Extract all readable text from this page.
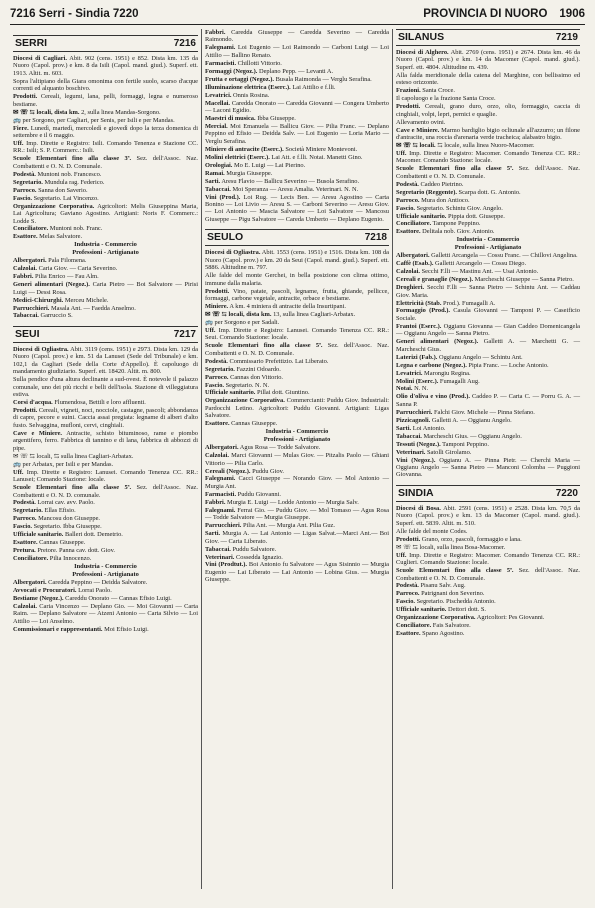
7216 Serri - Sindia 7220	PROVINCIA DI NUORO 1906
SERRI	7216

Diocesi di Cagliari. Abit. 902 (cens. 1951) e 852. Dista km. 135 da Nuoro (Capol. prov.) e km. 8 da Isili (Capol. mand. giud.). Superf. ett. 1913. Altit. m. 603.

Sopra l'altipiano della Giara omonima con fertile suolo, scarso d'acque correnti ed alquanto boschivo.

Prodotti. Cereali, legumi, lana, pelli, formaggi, legna e numeroso bestiame.

✉ ☏ ⇆ locali, dista km. 2, sulla linea Mandas-Sorgono.

🚌 per Sorgono, per Cagliari, per Senis, per Isili e per Mandas.

Fiere. Lunedì, martedì, mercoledì e giovedì dopo la terza domenica di settembre e il 6 maggio.

Uff. Imp. Dirette e Registro: Isili. Comando Tenenza e Stazione CC. RR.: Isili; S. P. Commerc.: Isili.

Scuole Elementari fino alla classe 3ª. Sez. dell'Assoc. Naz. Combattenti e O. N. D. Comunale.

Podestà. Muntoni nob. Francesco.

Segretario. Mundula rag. Federico.

Parroco. Sanna don Saverio.

Fascio. Segretario. Lai Vincenzo.

Organizzazione Corporativa. Agricoltori: Melis Giuseppina Maria, Lai Agricoltura; Gaviano Agostino. Artigiani: Noris F. Commerc.: Lodde S.

Conciliatore. Muntoni nob. Franc.

Esattore. Melas Salvatore.

Industria - Commercio

Professioni - Artigianato

Albergatori. Pala Filomena.

Calzolai. Caria Giov. — Caria Severino.

Fabbri. Pilia Enrico — Fau Alm.

Generi alimentari (Negoz.). Caria Pietro — Boi Salvatore — Pirisi Luigi — Dessi Rosa.

Medici-Chirurghi. Merceu Michele.

Parrucchieri. Masala Ant. — Faedda Anselmo.

Tabaccai. Garruccio S.

SEUI	7217

Diocesi di Ogliastra. Abit. 3119 (cens. 1951) e 2973. Dista km. 129 da Nuoro (Capol. prov.) e km. 51 da Lanusei (Sede del Tribunale) e km. 102,1 da Cagliari (Sede della Corte d'Appello). È capoluogo di mandamento giudiziario. Superf. ett. 18420. Altit. m. 800.

Sulla pendice d'una altura declinante a sud-ovest. È notevole il palazzo comunale, uno dei più ricchi e belli dell'isola. Stazione di villeggiatura estiva.

Corsi d'acqua. Flumendosa, Bettili e loro affluenti.

Prodotti. Cereali, vigneti, noci, nocciole, castagne, pascoli; abbondanza di capre, pecore e suini. Caccia assai pregiata: legname di alberi d'alto fusto. Selvaggina, mufloni, cervi, cinghiali.

Cave e Miniere. Antracite, schisto bituminoso, rame e piombo argentifero, ferro. Fabbrica di tannino e di lana, fabbrica di abbozzi di pipe.

✉ ☏ ⇆ locali, ⇆ sulla linea Cagliari-Arbatax.

🚌 per Arbatax, per Isili e per Mandas.

Uff. Imp. Dirette e Registro: Lanusei. Comando Tenenza CC. RR.: Lanusei; Comando Stazione: locale.

Scuole Elementari fino alla classe 5ª. Sez. dell'Assoc. Naz. Combattenti e O. N. D. comunale.

Podestà. Lorrai cav. avv. Paolo.

Segretario. Ellas Efisio.

Parroco. Mancosu don Giuseppe.

Fascio. Segretario. Ibba Giuseppe.

Ufficiale sanitario. Balleri dott. Demetrio.

Esattore. Cannas Giuseppe.

Pretura. Pretore. Panna cav. dott. Giov.

Conciliatore. Pilia Innocenzo.

Industria - Commercio

Professioni - Artigianato

Albergatori. Caredda Peppino — Deidda Salvatore.

Avvocati e Procuratori. Lorrai Paolo.

Bestiame (Negoz.). Careddu Onorato — Cannas Efisio Luigi.

Calzolai. Caria Vincenzo — Deplano Gio. — Moi Giovanni — Carta Raim. — Deplano Salvatore — Atzeni Antonio — Carta Silvio — Loi Attilio — Loi Anselmo.

Commissionari e rappresentanti. Moi Efisio Luigi.

Fabbri. Caredda Giuseppe — Caredda Severino — Caredda Raimondo.

Falegnami. Loi Eugenio — Loi Raimondo — Carboni Luigi — Loi Attilio — Ballino Renato.

Farmacisti. Chillotti Vittorio.

Formaggi (Negoz.). Deplano Pepp. — Levanti A.

Frutta e ortaggi (Negoz.). Busala Raimonda — Verglu Serafina.

Illuminazione elettrica (Eserc.). Lai Attilio e f.lli.

Levatrici. Onnis Rosina.

Macellai. Caredda Onorato — Caredda Giovanni — Congera Umberto — Laconi Egidio.

Maestri di musica. Ibba Giuseppe.

Mercial. Moi Emanuela — Ballicu Giov. — Pilia Franc. — Deplano Peppino ed Efisio — Deidda Salv. — Loi Eugenio — Loria Mario — Verglu Serafina.

Miniere di antracite (Eserc.). Società Miniere Montevoni.

Molini elettrici (Eserc.). Lai Att. e f.lli. Notai. Manetti Gino.

Orologiai. Mo E. Luigi — Lai Pierino.

Ramai. Murgia Giuseppe.

Sarti. Aresu Flavio — Ballicu Severino — Busola Serafino.

Tabaccai. Moi Speranza — Aresu Amalia. Veterinari. N. N.

Vini (Prod.). Loi Rug. — Lecis Ben. — Aresu Agostino — Carta Bonino — Loi Livio — Aresu S. — Carboni Severino — Aresu Giov. — Loi Antonio — Mascia Salvatore — Loi Salvatore — Mancosu Giuseppe — Pigu Salvatore — Careda Umberto — Deplano Eugenio.

SEULO	7218

Diocesi di Ogliastra. Abit. 1553 (cens. 1951) e 1516. Dista km. 108 da Nuoro (Capol. prov.) e km. 20 da Seui (Capol. mand. giud.). Superf. ett. 5886. Altitudine m. 797.

Alle falde del monte Gerchei, in bella posizione con clima ottimo, immune dalla malaria.

Prodotti. Vino, patate, pascoli, legname, frutta, ghiande, pellicce, formaggi, carbone vegetale, antracite, orbace e bestiame.

Miniere. A km. 4 miniera di antracite della Insurtipani.

✉ ☏ ⇆ locali, dista km. 13, sulla linea Cagliari-Arbatax.

🚌 per Sorgono e per Sadali.

Uff. Imp. Dirette e Registro: Lanusei. Comando Tenenza CC. RR.: Seui. Comando Stazione: locale.

Scuole Elementari fino alla classe 5ª. Sez. dell'Assoc. Naz. Combattenti e O. N. D. Comunale.

Podestà. Commissario Prefettizio. Lai Liberato.

Segretario. Fazzini Odoardo.

Parroco. Cannas don Vittorio.

Fascio. Segretario. N. N.

Ufficiale sanitario. Pillai dott. Giuntino.

Organizzazione Corporativa. Commercianti: Puddu Giov. Industriali: Pardocchi Letino. Agricoltori: Puddu Giovanni. Artigiani: Ligas Salvatore.

Esattore. Cannas Giuseppe.

Industria - Commercio

Professioni - Artigianato

Albergatori. Agus Rosa — Todde Salvatore.

Calzolai. Marci Giovanni — Mulas Giov. — Pitzalis Paolo — Ghiani Vittorio — Pilia Carlo.

Cereali (Negoz.). Puddu Giov.

Falegnami. Cacci Giuseppe — Norando Giov. — Mol Antonio — Murgia Ant.

Farmacisti. Puddu Giovanni.

Fabbri. Murgia E. Luigi — Lodde Antonio — Murgia Salv.

Falegnami. Ferrai Gio. — Puddu Giov. — Mol Tomaso — Agus Rosa — Todde Salvatore — Murgia Giuseppe.

Parrucchieri. Pilia Ant. — Murgia Ant. Pilia Guz.

Sarti. Murgia A. — Lai Antonio — Ligas Salvat.—Marci Ant.— Boi Giov. — Carta Liberato.

Tabaccai. Puddu Salvatore.

Veterinari. Cossedda Ignazio.

Vini (Prodtut.). Boi Antonio fu Salvatore — Agus Sisinnio — Murgia Eugenio — Lai Liberato — Lai Antonio — Lobina Gius. — Murgia Giuseppe.

SILANUS	7219

Diocesi di Alghero. Abit. 2769 (cens. 1951) e 2674. Dista km. 46 da Nuoro (Capol. prov.) e km. 14 da Macomer (Capol. mand. giud.). Superf. ett. 4804. Altitudine m. 439.

Alla falda meridionale della catena del Marghine, con bellissimo ed esteso orizzonte.

Frazioni. Santa Croce.

Il capoluogo e la frazione Santa Croce.

Prodotti. Cereali, grano duro, orzo, olio, formaggio, caccia di cinghiali, volpi, lepri, pernici e quaglie.

Allevamento ovini.

Cave e Miniere. Marmo bardiglio bigio ocliunale all'azzurro; un filone d'antracite, una roccia d'arenaria verde tracheica; alabastro bigio.

✉ ☏ ⇆ locali. ⇆ locale, sulla linea Nuoro-Macomer.

Uff. Imp. Dirette e Registro: Macomer. Comando Tenenza CC. RR.: Macomer. Comando Stazione: locale.

Scuole Elementari fino alla classe 5ª. Sez. dell'Assoc. Naz. Combattenti e O. N. D. Comunale.

Podestà. Caddeo Pietrino.

Segretario (Reggente). Scarpa dott. G. Antonio.

Parroco. Mura don Antioco.

Fascio. Segretario. Schintu Giov. Angelo.

Ufficiale sanitario. Pippia dott. Giuseppe.

Conciliatore. Tampone Peppino.

Esattore. Delitala nob. Giov. Antonio.

Industria - Commercio

Professioni - Artigianato

Albergatori. Galletti Arcangela — Cossu Franc. — Chillovi Angelina.

Caffè (Esab.). Galletti Arcangelo — Cossu Diego.

Calzolai. Secchi F.lli — Mastinu Ant. — Usai Antonio.

Cereali e granaglie (Negoz.). Marcheschi Giuseppe — Sanna Pietro.

Droghieri. Secchi F.lli — Sanna Pietro — Schintu Ant. — Caddau Giov. Maria.

Elettricità (Stab. Prod.). Fumagalli A.

Formaggio (Prod.). Casula Giovanni — Tamponi P. — Caseificio Sociale.

Frantoi (Eserc.). Oggianu Giovanna — Gian Caddeo Domenicangela — Oggianu Angelo — Sanna Pietro.

Generi alimentari (Negoz.). Galletti A. — Marchetti G. — Marcheschi Gius.

Laterizi (Fab.). Oggianu Angelo — Schintu Ant.

Legna e carbone (Negoz.). Pipia Franc. — Loche Antonio.

Levatrici. Marongiu Regina.

Molini (Eserc.). Fumagalli Aug.

Notai. N. N.

Olio d'oliva e vino (Prod.). Caddeo P. — Carta C. — Porru G. A. — Sanna P.

Parrucchieri. Falchi Giov. Michele — Pinna Stefano.

Pizzicagnoli. Galletti A. — Oggianu Angelo.

Sarti. Loi Antonio.

Tabaccai. Marcheschi Gius. — Oggianu Angelo.

Tessuti (Negoz.). Tamponi Peppino.

Veterinari. Satolli Girolamo.

Vini (Negoz.). Oggianu A. — Pinna Pietr. — Cherchi Maria — Oggianu Angelo — Sanna Pietro — Manconi Colomba — Puggioni Giovanna.

SINDIA	7220

Diocesi di Bosa. Abit. 2591 (cens. 1951) e 2528. Dista km. 70,5 da Nuoro (Capol. prov.) e km. 13 da Macomer (Capol. mand. giud.). Superf. ett. 5839. Altit. m. 510.

Alle falde del monte Codes.

Prodotti. Grano, orzo, pascoli, formaggio e lana.

✉ ☏ ⇆ locali, sulla linea Bosa-Macomer.

Uff. Imp. Dirette e Registro: Macomer. Comando Tenenza CC. RR.: Cuglieri. Comando Stazione: locale.

Scuole Elementari fino alla classe 5ª. Sez. dell'Assoc. Naz. Combattenti e O. N. D. Comunale.

Podestà. Pisanu Salv. Aug.

Parroco. Patrignani don Severino.

Fascio. Segretario. Pischedda Antonio.

Ufficiale sanitario. Dettori dott. S.

Organizzazione Corporativa. Agricoltori: Pes Giovanni.

Conciliatore. Fais Salvatore.

Esattore. Spano Agostino.
